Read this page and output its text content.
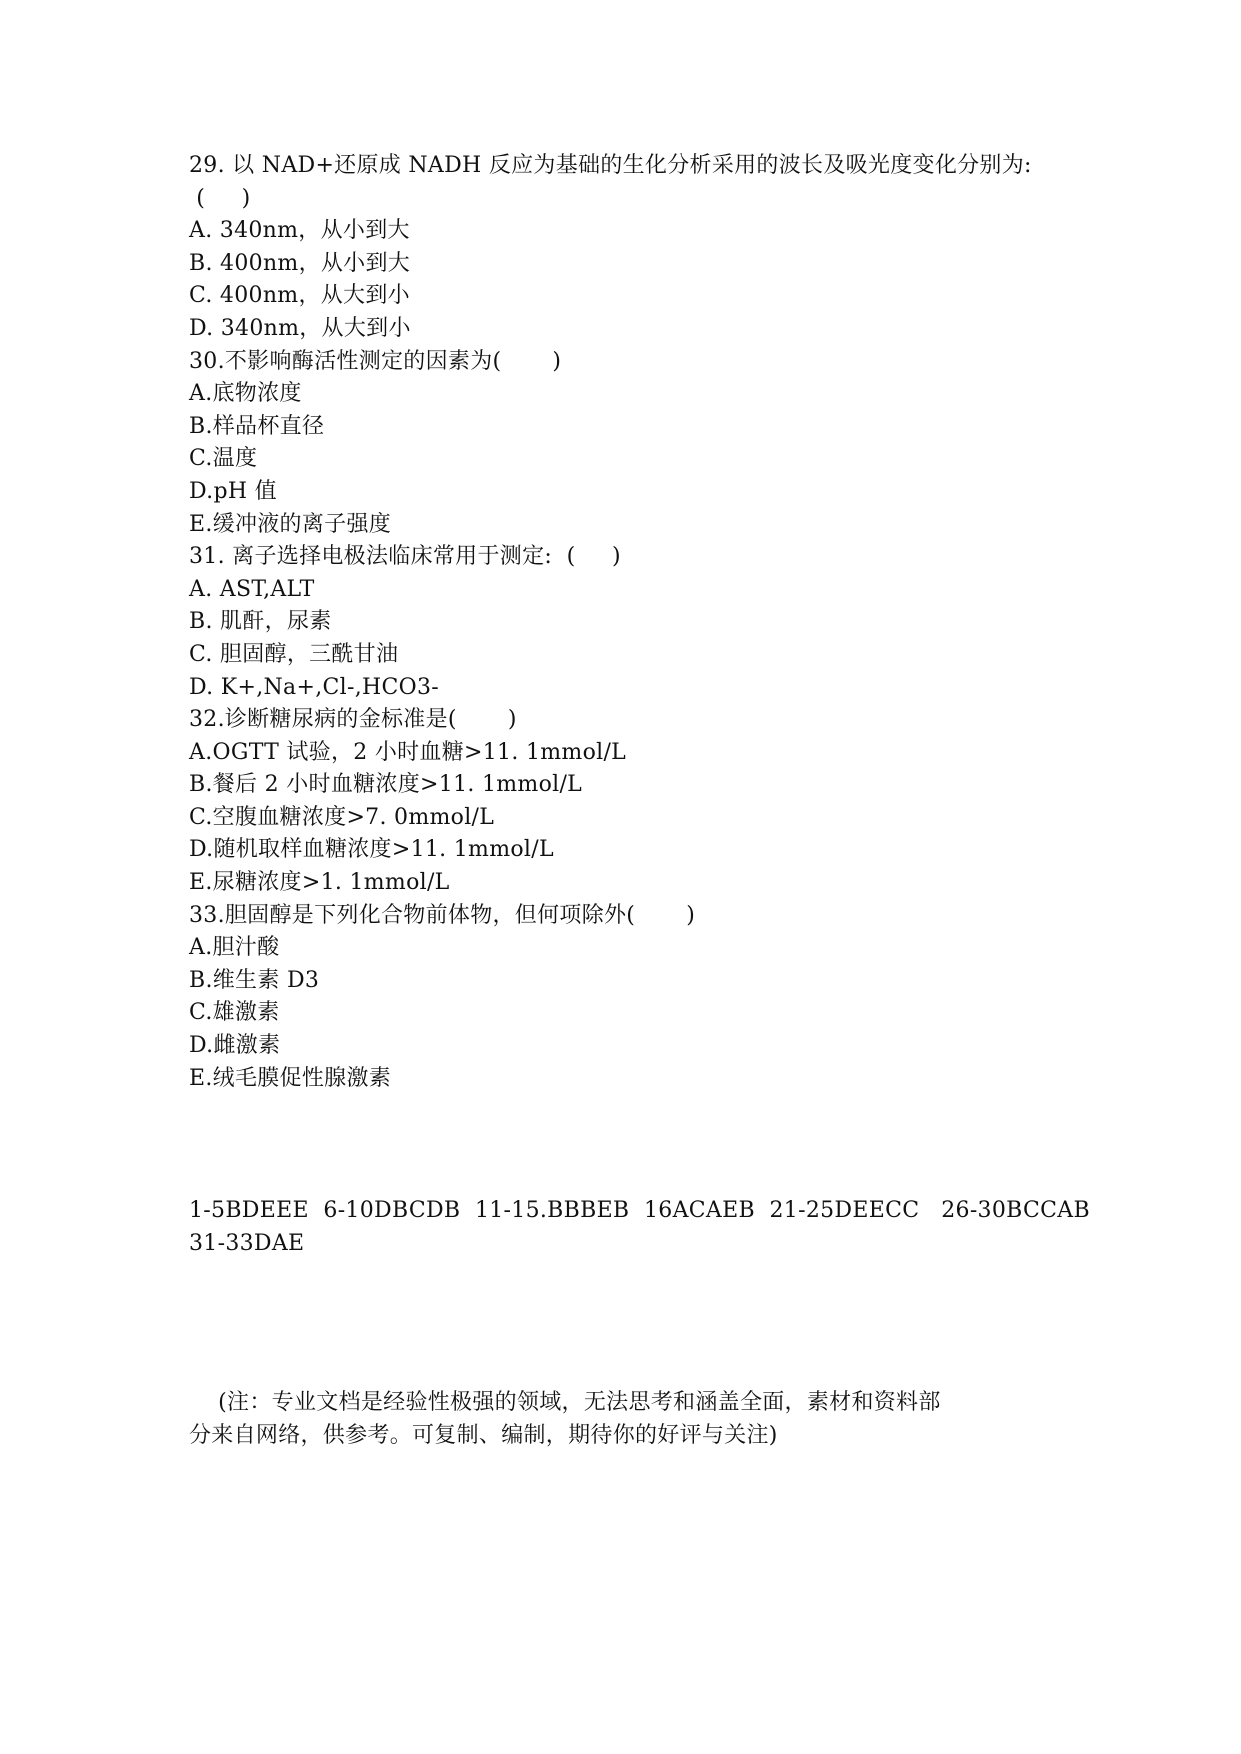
29. 以 NAD+还原成 NADH 反应为基础的生化分析采用的波长及吸光度变化分别为:
(     )
A. 340nm，从小到大
B. 400nm，从小到大
C. 400nm，从大到小
D. 340nm，从大到小
30.不影响酶活性测定的因素为(       )
A.底物浓度
B.样品杯直径
C.温度
D.pH 值
E.缓冲液的离子强度
31. 离子选择电极法临床常用于测定:  (     )
A. AST,ALT
B. 肌酐，尿素
C. 胆固醇，三酰甘油
D. K+,Na+,Cl-,HCO3-
32.诊断糖尿病的金标准是(       )
A.OGTT 试验，2 小时血糖>11. 1mmol/L
B.餐后 2 小时血糖浓度>11. 1mmol/L
C.空腹血糖浓度>7. 0mmol/L
D.随机取样血糖浓度>11. 1mmol/L
E.尿糖浓度>1. 1mmol/L
33.胆固醇是下列化合物前体物，但何项除外(       )
A.胆汁酸
B.维生素 D3
C.雄激素
D.雌激素
E.绒毛膜促性腺激素
1-5BDEEE  6-10DBCDB  11-15.BBBEB  16ACAEB  21-25DEECC   26-30BCCAB
31-33DAE
(注：专业文档是经验性极强的领域，无法思考和涵盖全面，素材和资料部
分来自网络，供参考。可复制、编制，期待你的好评与关注)
